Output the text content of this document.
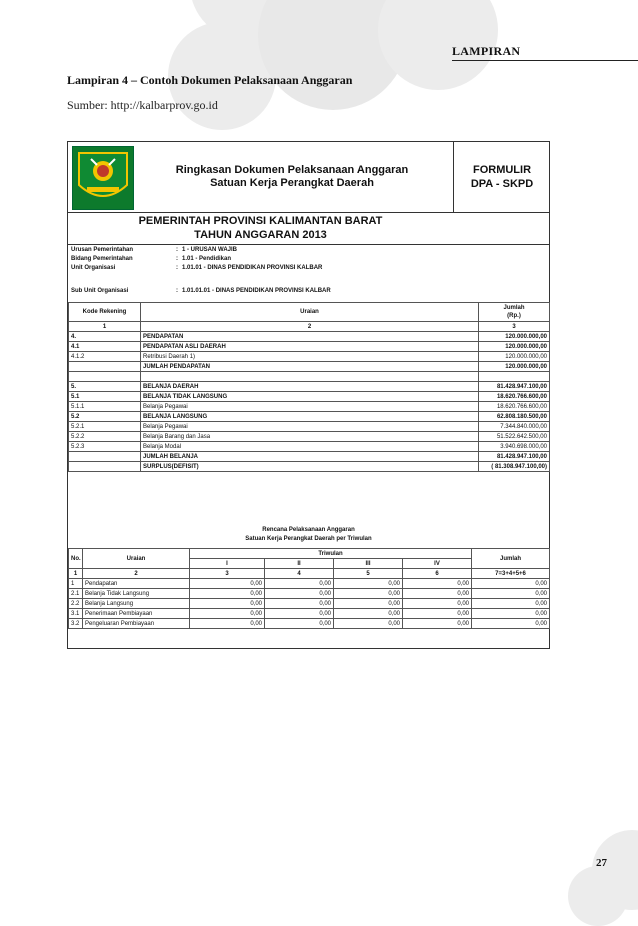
LAMPIRAN
Lampiran 4 – Contoh Dokumen Pelaksanaan Anggaran
Sumber: http://kalbarprov.go.id
Ringkasan Dokumen Pelaksanaan Anggaran
Satuan Kerja Perangkat Daerah
FORMULIR
DPA - SKPD
PEMERINTAH PROVINSI KALIMANTAN BARAT
TAHUN ANGGARAN 2013
Urusan Pemerintahan	: 1 - URUSAN WAJIB
Bidang Pemerintahan	: 1.01 - Pendidikan
Unit Organisasi	: 1.01.01 - DINAS PENDIDIKAN PROVINSI KALBAR
Sub Unit Organisasi	: 1.01.01.01 - DINAS PENDIDIKAN PROVINSI KALBAR
Kode Rekening	Uraian	Jumlah
(Rp.)

1	2	3
4.	PENDAPATAN	120.000.000,00
4.1	PENDAPATAN ASLI DAERAH	120.000.000,00
4.1.2	Retribusi Daerah 1)	120.000.000,00
	JUMLAH PENDAPATAN	120.000.000,00

5.	BELANJA DAERAH	81.428.947.100,00
5.1	BELANJA TIDAK LANGSUNG	18.620.766.600,00
5.1.1	Belanja Pegawai	18.620.766.600,00
5.2	BELANJA LANGSUNG	62.808.180.500,00
5.2.1	Belanja Pegawai	7.344.840.000,00
5.2.2	Belanja Barang dan Jasa	51.522.642.500,00
5.2.3	Belanja Modal	3.940.698.000,00
	JUMLAH BELANJA	81.428.947.100,00
	SURPLUS(DEFISIT)	( 81.308.947.100,00)
Rencana Pelaksanaan Anggaran
Satuan Kerja Perangkat Daerah per Triwulan
No.	Uraian	Triwulan				Jumlah
		I	II	III	IV	
1	2	3	4	5	6	7=3+4+5+6
1	Pendapatan	0,00	0,00	0,00	0,00	0,00
2.1	Belanja Tidak Langsung	0,00	0,00	0,00	0,00	0,00
2.2	Belanja Langsung	0,00	0,00	0,00	0,00	0,00
3.1	Penerimaan Pembiayaan	0,00	0,00	0,00	0,00	0,00
3.2	Pengeluaran Pembiayaan	0,00	0,00	0,00	0,00	0,00
27
